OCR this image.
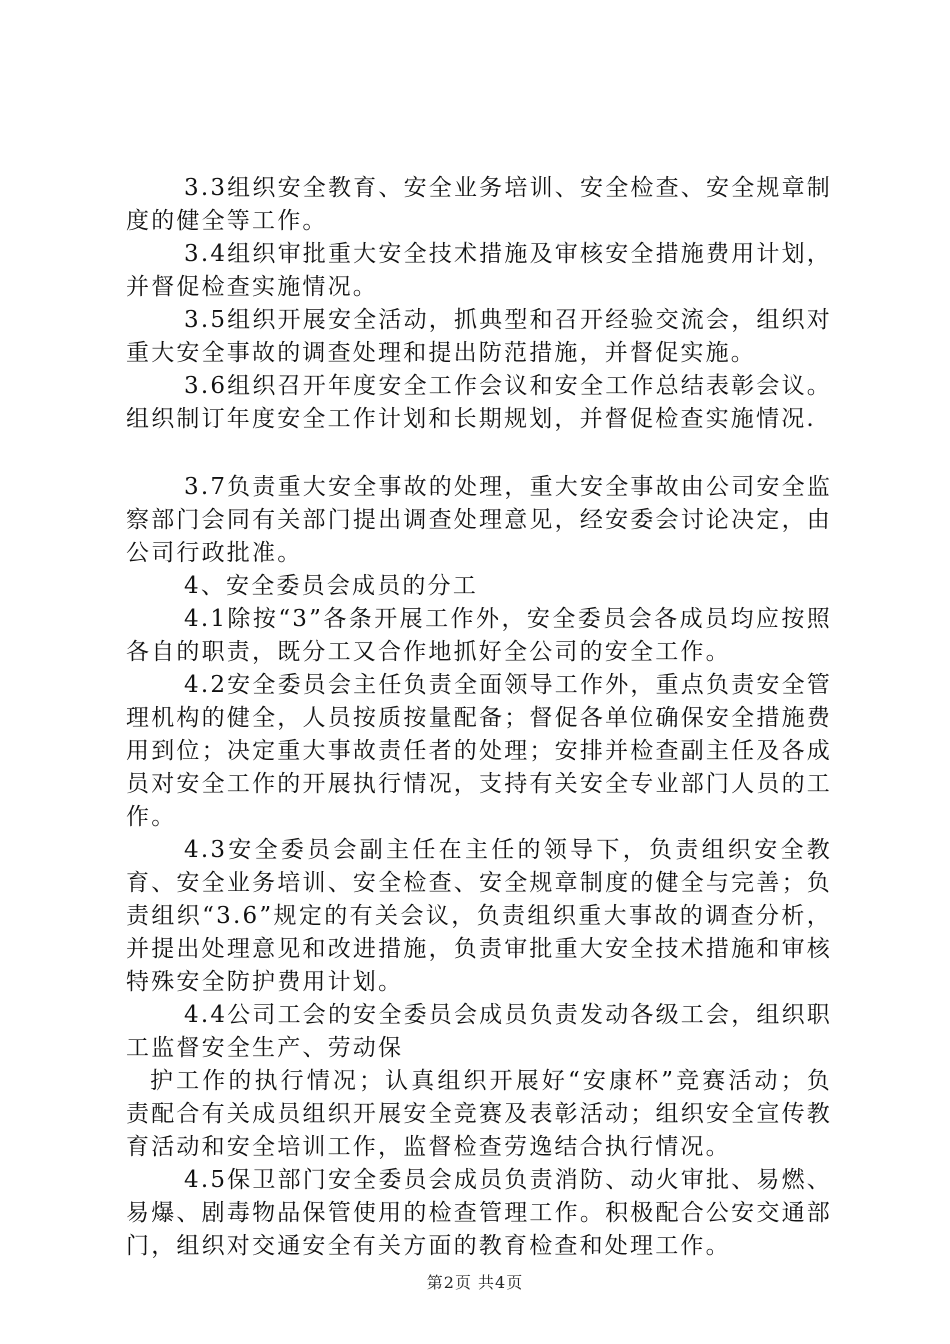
3.3组织安全教育、安全业务培训、安全检查、安全规章制度的健全等工作。

3.4组织审批重大安全技术措施及审核安全措施费用计划，并督促检查实施情况。

3.5组织开展安全活动，抓典型和召开经验交流会，组织对重大安全事故的调查处理和提出防范措施，并督促实施。

3.6组织召开年度安全工作会议和安全工作总结表彰会议。组织制订年度安全工作计划和长期规划，并督促检查实施情况.

3.7负责重大安全事故的处理，重大安全事故由公司安全监察部门会同有关部门提出调查处理意见，经安委会讨论决定，由公司行政批准。

4、安全委员会成员的分工

4.1除按“3”各条开展工作外，安全委员会各成员均应按照各自的职责，既分工又合作地抓好全公司的安全工作。

4.2安全委员会主任负责全面领导工作外，重点负责安全管理机构的健全，人员按质按量配备；督促各单位确保安全措施费用到位；决定重大事故责任者的处理；安排并检查副主任及各成员对安全工作的开展执行情况，支持有关安全专业部门人员的工作。

4.3安全委员会副主任在主任的领导下，负责组织安全教育、安全业务培训、安全检查、安全规章制度的健全与完善；负责组织“3.6”规定的有关会议，负责组织重大事故的调查分析，并提出处理意见和改进措施，负责审批重大安全技术措施和审核特殊安全防护费用计划。

4.4公司工会的安全委员会成员负责发动各级工会，组织职工监督安全生产、劳动保

护工作的执行情况；认真组织开展好“安康杯”竞赛活动；负责配合有关成员组织开展安全竞赛及表彰活动；组织安全宣传教育活动和安全培训工作，监督检查劳逸结合执行情况。

4.5保卫部门安全委员会成员负责消防、动火审批、易燃、易爆、剧毒物品保管使用的检查管理工作。积极配合公安交通部门，组织对交通安全有关方面的教育检查和处理工作。

第2页 共4页
